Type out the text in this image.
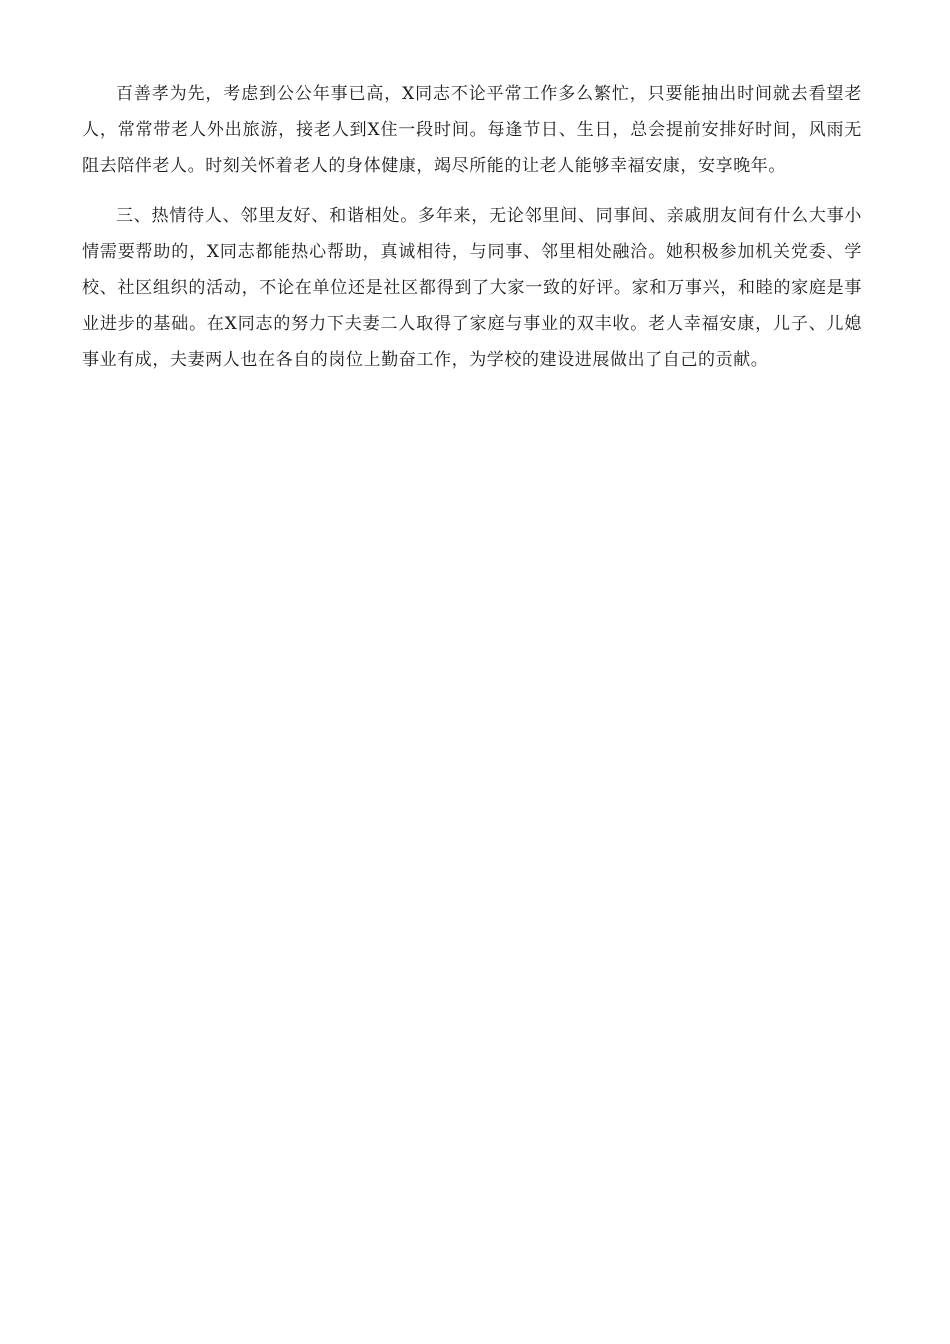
百善孝为先，考虑到公公年事已高，X同志不论平常工作多么繁忙，只要能抽出时间就去看望老人，常常带老人外出旅游，接老人到X住一段时间。每逢节日、生日，总会提前安排好时间，风雨无阻去陪伴老人。时刻关怀着老人的身体健康，竭尽所能的让老人能够幸福安康，安享晚年。

三、热情待人、邻里友好、和谐相处。多年来，无论邻里间、同事间、亲戚朋友间有什么大事小情需要帮助的，X同志都能热心帮助，真诚相待，与同事、邻里相处融洽。她积极参加机关党委、学校、社区组织的活动，不论在单位还是社区都得到了大家一致的好评。家和万事兴，和睦的家庭是事业进步的基础。在X同志的努力下夫妻二人取得了家庭与事业的双丰收。老人幸福安康，儿子、儿媳事业有成，夫妻两人也在各自的岗位上勤奋工作，为学校的建设进展做出了自己的贡献。
